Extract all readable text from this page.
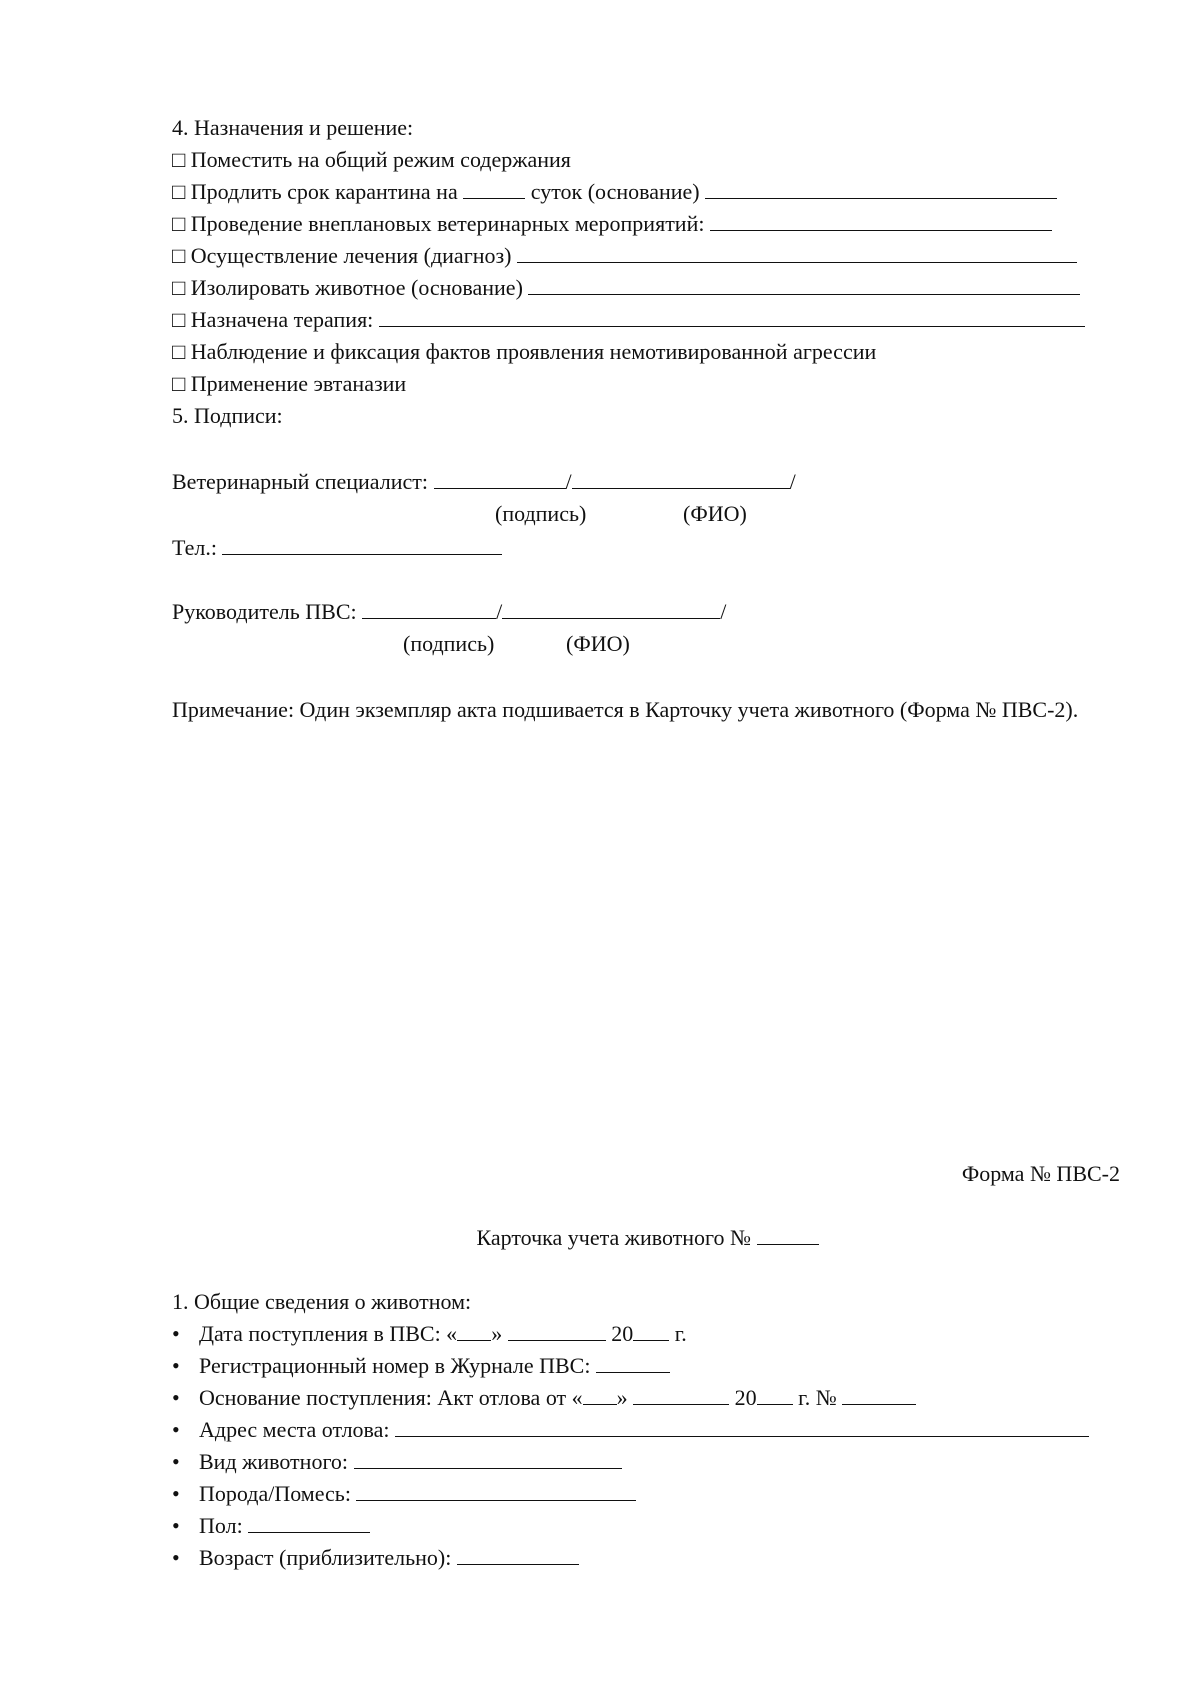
4. Назначения и решение:
□ Поместить на общий режим содержания
□ Продлить срок карантина на	суток (основание)
□ Проведение внеплановых ветеринарных мероприятий:
□ Осуществление лечения (диагноз)
□ Изолировать животное (основание)
□ Назначена терапия:
□ Наблюдение и фиксация фактов проявления немотивированной агрессии
□ Применение эвтаназии
5. Подписи:
Ветеринарный специалист:	/	/
(подпись)	(ФИО)
Тел.:
Руководитель ПВС:	/	/
(подпись)	(ФИО)
Примечание: Один экземпляр акта подшивается в Карточку учета животного (Форма № ПВС-2).
Форма № ПВС-2
Карточка учета животного №
1. Общие сведения о животном:
• Дата поступления в ПВС: « »	20 г.
• Регистрационный номер в Журнале ПВС:
• Основание поступления: Акт отлова от « »	20 г. №
• Адрес места отлова:
• Вид животного:
• Порода/Помесь:
• Пол:
• Возраст (приблизительно):
